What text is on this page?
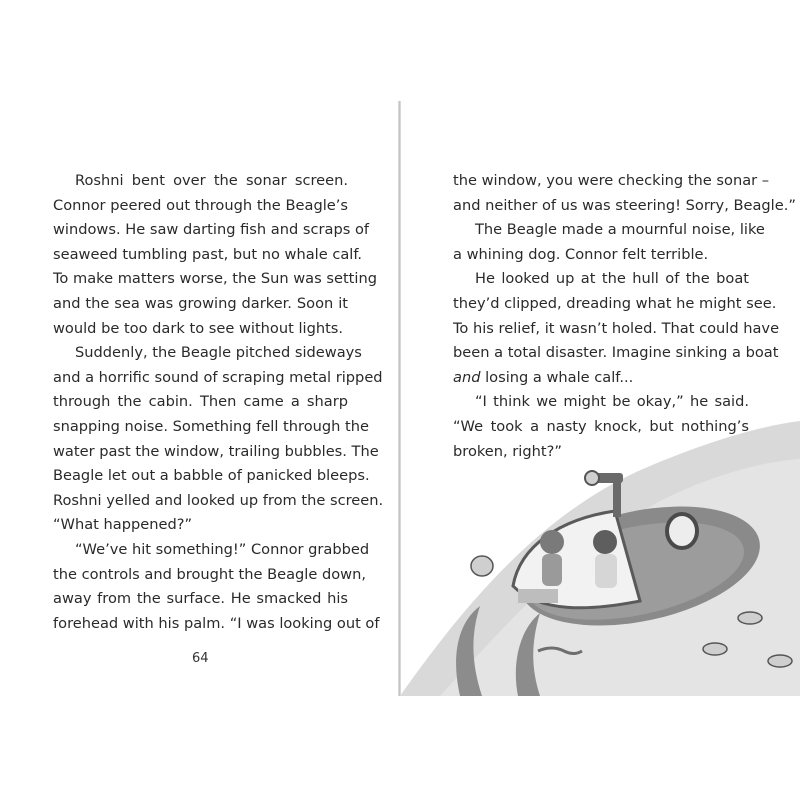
Roshni bent over the sonar screen.

Connor peered out through the Beagle’s

windows. He saw darting fish and scraps of

seaweed tumbling past, but no whale calf.

To make matters worse, the Sun was setting

and the sea was growing darker. Soon it

would be too dark to see without lights.

Suddenly, the Beagle pitched sideways

and a horrific sound of scraping metal ripped

through the cabin. Then came a sharp

snapping noise. Something fell through the

water past the window, trailing bubbles. The

Beagle let out a babble of panicked bleeps.

Roshni yelled and looked up from the screen.

“What happened?”

“We’ve hit something!” Connor grabbed

the controls and brought the Beagle down,

away from the surface. He smacked his

forehead with his palm. “I was looking out of

64

the window, you were checking the sonar –

and neither of us was steering! Sorry, Beagle.”

The Beagle made a mournful noise, like

a whining dog. Connor felt terrible.

He looked up at the hull of the boat

they’d clipped, dreading what he might see.

To his relief, it wasn’t holed. That could have

been a total disaster. Imagine sinking a boat

and losing a whale calf...

“I think we might be okay,” he said.

“We took a nasty knock, but nothing’s

broken, right?”
